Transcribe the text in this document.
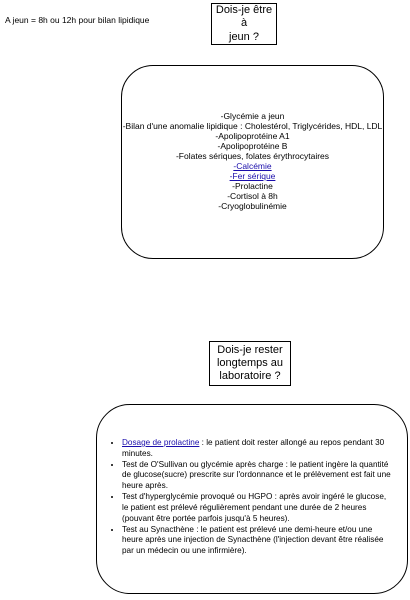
A jeun = 8h ou 12h pour bilan lipidique
Dois-je être à
jeun ?
-Glycémie a jeun
-Bilan d'une anomalie lipidique : Cholestérol, Triglycérides, HDL, LDL
-Apolipoprotéine A1
-Apolipoprotéine B
-Folates sériques, folates érythrocytaires
-Calcémie
-Fer sérique
-Prolactine
-Cortisol à 8h
-Cryoglobulinémie
Dois-je rester longtemps au laboratoire ?
• Dosage de prolactine : le patient doit rester allongé au repos pendant 30 minutes.
• Test de O'Sullivan ou glycémie après charge : le patient ingère la quantité de glucose(sucre) prescrite sur l'ordonnance et le prélèvement est fait une heure après.
• Test d'hyperglycémie provoqué ou HGPO : après avoir ingéré le glucose, le patient est prélevé régulièrement pendant une durée de 2 heures (pouvant être portée parfois jusqu'à 5 heures).
• Test au Synacthène : le patient est prélevé une demi-heure et/ou une heure après une injection de Synacthène (l'injection devant être réalisée par un médecin ou une infirmière).
